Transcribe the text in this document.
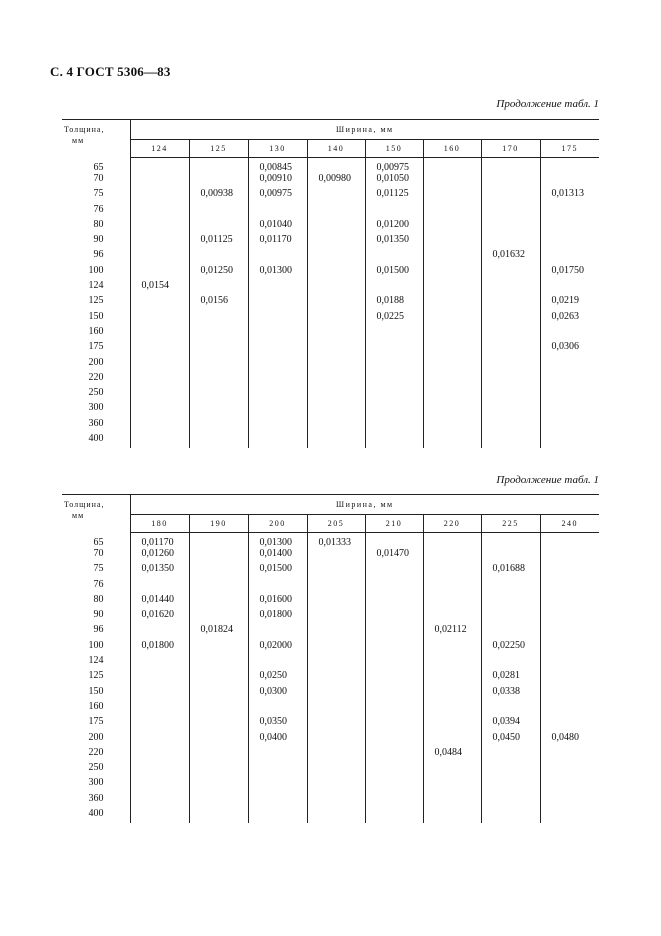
С. 4 ГОСТ 5306—83
Продолжение табл. 1
Толщина,
мм	Ширина, мм							
	124	125	130	140	150	160	170	175
65			0,00845		0,00975			
70			0,00910	0,00980	0,01050			
75		0,00938	0,00975		0,01125			0,01313
76								
80			0,01040		0,01200			
90		0,01125	0,01170		0,01350			
96							0,01632	
100		0,01250	0,01300		0,01500			0,01750
124	0,0154							
125		0,0156			0,0188			0,0219
150					0,0225			0,0263
160								
175								0,0306
200								
220								
250								
300								
360								
400								
Продолжение табл. 1
Толщина,
мм	Ширина, мм							
	180	190	200	205	210	220	225	240
65	0,01170		0,01300	0,01333				
70	0,01260		0,01400		0,01470			
75	0,01350		0,01500				0,01688	
76								
80	0,01440		0,01600					
90	0,01620		0,01800					
96		0,01824				0,02112		
100	0,01800		0,02000				0,02250	
124								
125			0,0250				0,0281	
150			0,0300				0,0338	
160								
175			0,0350				0,0394	
200			0,0400				0,0450	0,0480
220						0,0484		
250								
300								
360								
400								
